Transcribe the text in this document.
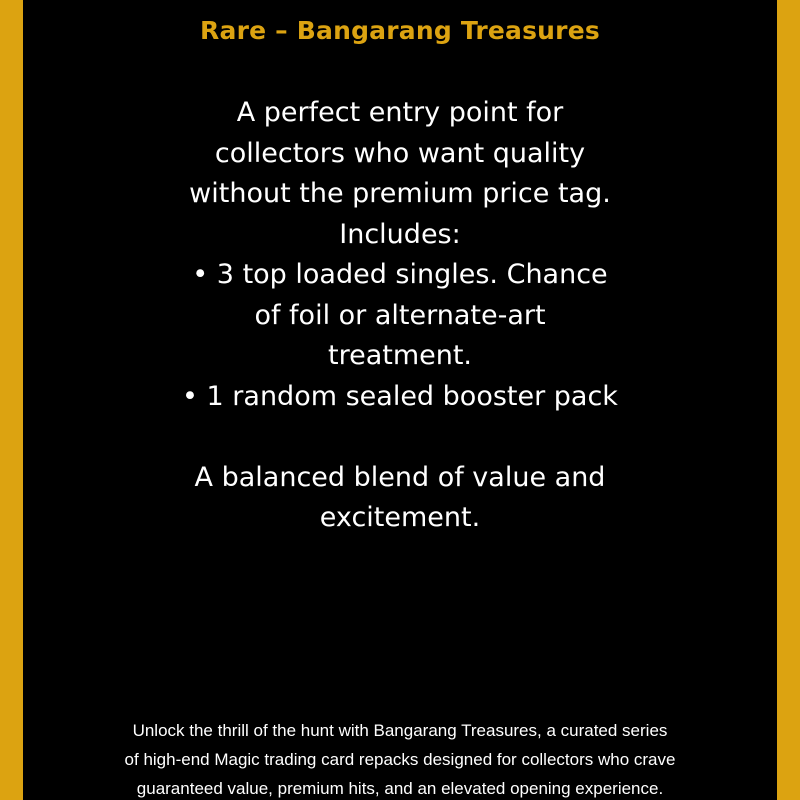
Rare – Bangarang Treasures
A perfect entry point for
collectors who want quality
without the premium price tag.
Includes:
• 3 top loaded singles. Chance
of foil or alternate-art
treatment.
• 1 random sealed booster pack
A balanced blend of value and
excitement.
Unlock the thrill of the hunt with Bangarang Treasures, a curated series
of high-end Magic trading card repacks designed for collectors who crave
guaranteed value, premium hits, and an elevated opening experience.
